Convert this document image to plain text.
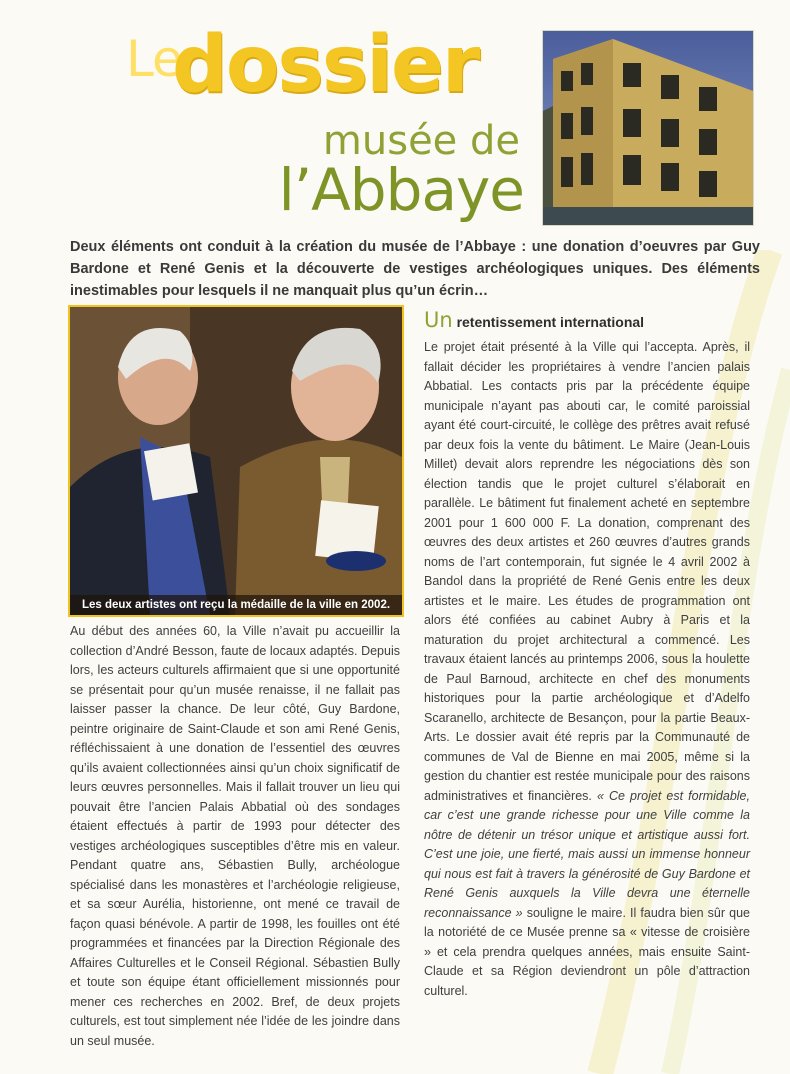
Le
dossier
musée de
l’Abbaye
Deux éléments ont conduit à la création du musée de l’Abbaye : une donation d’oeuvres par Guy Bardone et René Genis et la découverte de vestiges archéologiques uniques. Des éléments inestimables pour lesquels il ne manquait plus qu’un écrin…
Les deux artistes ont reçu la médaille de la ville en 2002.

Au début des années 60, la Ville n’avait pu accueillir la collection d’André Besson, faute de locaux adaptés. Depuis lors, les acteurs culturels affirmaient que si une opportunité se présentait pour qu’un musée renaisse, il ne fallait pas laisser passer la chance. De leur côté, Guy Bardone, peintre originaire de Saint-Claude et son ami René Genis, réfléchissaient à une donation de l’essentiel des œuvres qu’ils avaient collectionnées ainsi qu’un choix significatif de leurs œuvres personnelles. Mais il fallait trouver un lieu qui pouvait être l’ancien Palais Abbatial où des sondages étaient effectués à partir de 1993 pour détecter des vestiges archéologiques susceptibles d’être mis en valeur. Pendant quatre ans, Sébastien Bully, archéologue spécialisé dans les monastères et l’archéologie religieuse, et sa sœur Aurélia, historienne, ont mené ce travail de façon quasi bénévole. A partir de 1998, les fouilles ont été programmées et financées par la Direction Régionale des Affaires Culturelles et le Conseil Régional. Sébastien Bully et toute son équipe étant officiellement missionnés pour mener ces recherches en 2002. Bref, de deux projets culturels, est tout simplement née l’idée de les joindre dans un seul musée.

Un retentissement international

Le projet était présenté à la Ville qui l’accepta. Après, il fallait décider les propriétaires à vendre l’ancien palais Abbatial. Les contacts pris par la précédente équipe municipale n’ayant pas abouti car, le comité paroissial ayant été court-circuité, le collège des prêtres avait refusé par deux fois la vente du bâtiment. Le Maire (Jean-Louis Millet) devait alors reprendre les négociations dès son élection tandis que le projet culturel s’élaborait en parallèle. Le bâtiment fut finalement acheté en septembre 2001 pour 1 600 000 F. La donation, comprenant des œuvres des deux artistes et 260 œuvres d’autres grands noms de l’art contemporain, fut signée le 4 avril 2002 à Bandol dans la propriété de René Genis entre les deux artistes et le maire. Les études de programmation ont alors été confiées au cabinet Aubry à Paris et la maturation du projet architectural a commencé. Les travaux étaient lancés au printemps 2006, sous la houlette de Paul Barnoud, architecte en chef des monuments historiques pour la partie archéologique et d’Adelfo Scaranello, architecte de Besançon, pour la partie Beaux-Arts. Le dossier avait été repris par la Communauté de communes de Val de Bienne en mai 2005, même si la gestion du chantier est restée municipale pour des raisons administratives et financières. « Ce projet est formidable, car c’est une grande richesse pour une Ville comme la nôtre de détenir un trésor unique et artistique aussi fort. C’est une joie, une fierté, mais aussi un immense honneur qui nous est fait à travers la générosité de Guy Bardone et René Genis auxquels la Ville devra une éternelle reconnaissance » souligne le maire. Il faudra bien sûr que la notoriété de ce Musée prenne sa « vitesse de croisière » et cela prendra quelques années, mais ensuite Saint-Claude et sa Région deviendront un pôle d’attraction culturel.
